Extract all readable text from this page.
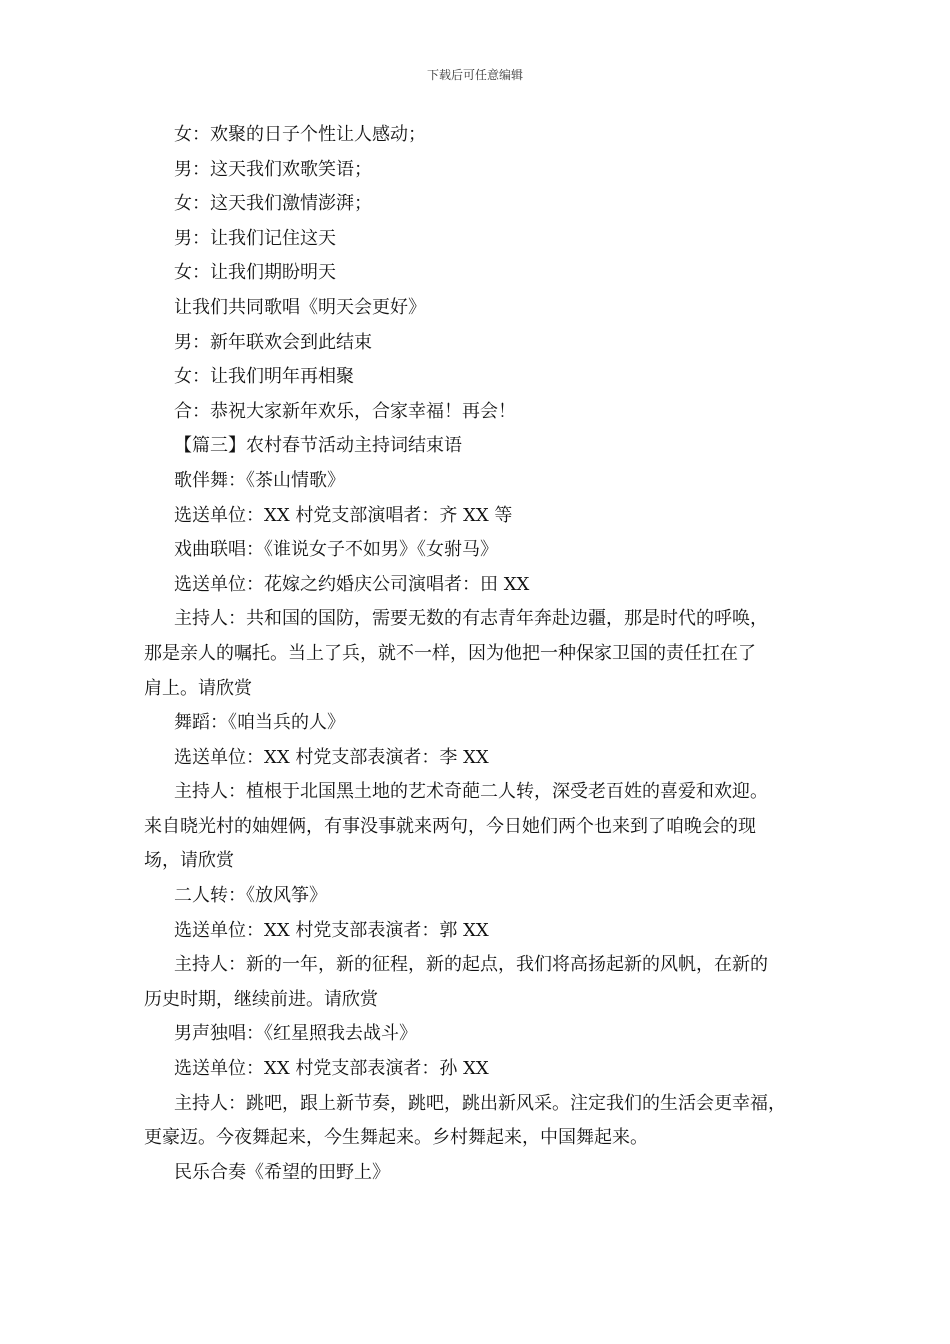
下载后可任意编辑

女：欢聚的日子个性让人感动；

男：这天我们欢歌笑语；

女：这天我们激情澎湃；

男：让我们记住这天

女：让我们期盼明天

让我们共同歌唱《明天会更好》

男：新年联欢会到此结束

女：让我们明年再相聚

合：恭祝大家新年欢乐，合家幸福！再会！

【篇三】农村春节活动主持词结束语

歌伴舞：《茶山情歌》

选送单位：XX 村党支部演唱者：齐 XX 等

戏曲联唱：《谁说女子不如男》《女驸马》

选送单位：花嫁之约婚庆公司演唱者：田 XX

主持人：共和国的国防，需要无数的有志青年奔赴边疆，那是时代的呼唤，

那是亲人的嘱托。当上了兵，就不一样，因为他把一种保家卫国的责任扛在了

肩上。请欣赏

舞蹈：《咱当兵的人》

选送单位：XX 村党支部表演者：李 XX

主持人：植根于北国黑土地的艺术奇葩二人转，深受老百姓的喜爱和欢迎。

来自晓光村的妯娌俩，有事没事就来两句，今日她们两个也来到了咱晚会的现

场，请欣赏

二人转：《放风筝》

选送单位：XX 村党支部表演者：郭 XX

主持人：新的一年，新的征程，新的起点，我们将高扬起新的风帆，在新的

历史时期，继续前进。请欣赏

男声独唱：《红星照我去战斗》

选送单位：XX 村党支部表演者：孙 XX

主持人：跳吧，跟上新节奏，跳吧，跳出新风采。注定我们的生活会更幸福，

更豪迈。今夜舞起来，今生舞起来。乡村舞起来，中国舞起来。

民乐合奏《希望的田野上》
